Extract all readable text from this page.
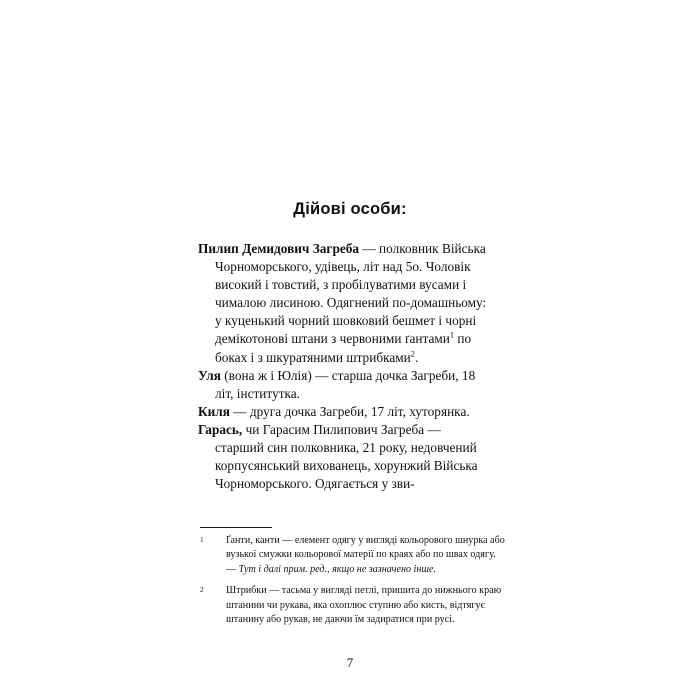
Дійові особи:

Пилип Демидович Загреба — полковник Війська Чорноморського, удівець, літ над 5о. Чоловік високий і товстий, з пробілуватими вусами і чималою лисиною. Одягнений по-домашньому: у куценький чорний шовковий бешмет і чорні демікотонові штани з червоними ґантами$^1$ по боках і з шкуратяними штрибками$^2$.

Уля (вона ж і Юлія) — старша дочка Загреби, 18 літ, інститутка.

Киля — друга дочка Загреби, 17 літ, хуторянка.

Гарась, чи Гарасим Пилипович Загреба — старший син полковника, 21 року, недовчений корпусянський вихованець, хорунжий Війська Чорноморського. Одягається у зви-

1 Ґанти, канти — елемент одягу у вигляді кольорового шнурка або вузької смужки кольорової матерії по краях або по швах одягу. — Тут і далі прим. ред., якщо не зазначено інше.
2 Штрибки — тасьма у вигляді петлі, пришита до нижнього краю штанини чи рукава, яка охоплює ступню або кисть, відтягує штанину або рукав, не даючи їм задиратися при русі.
7
